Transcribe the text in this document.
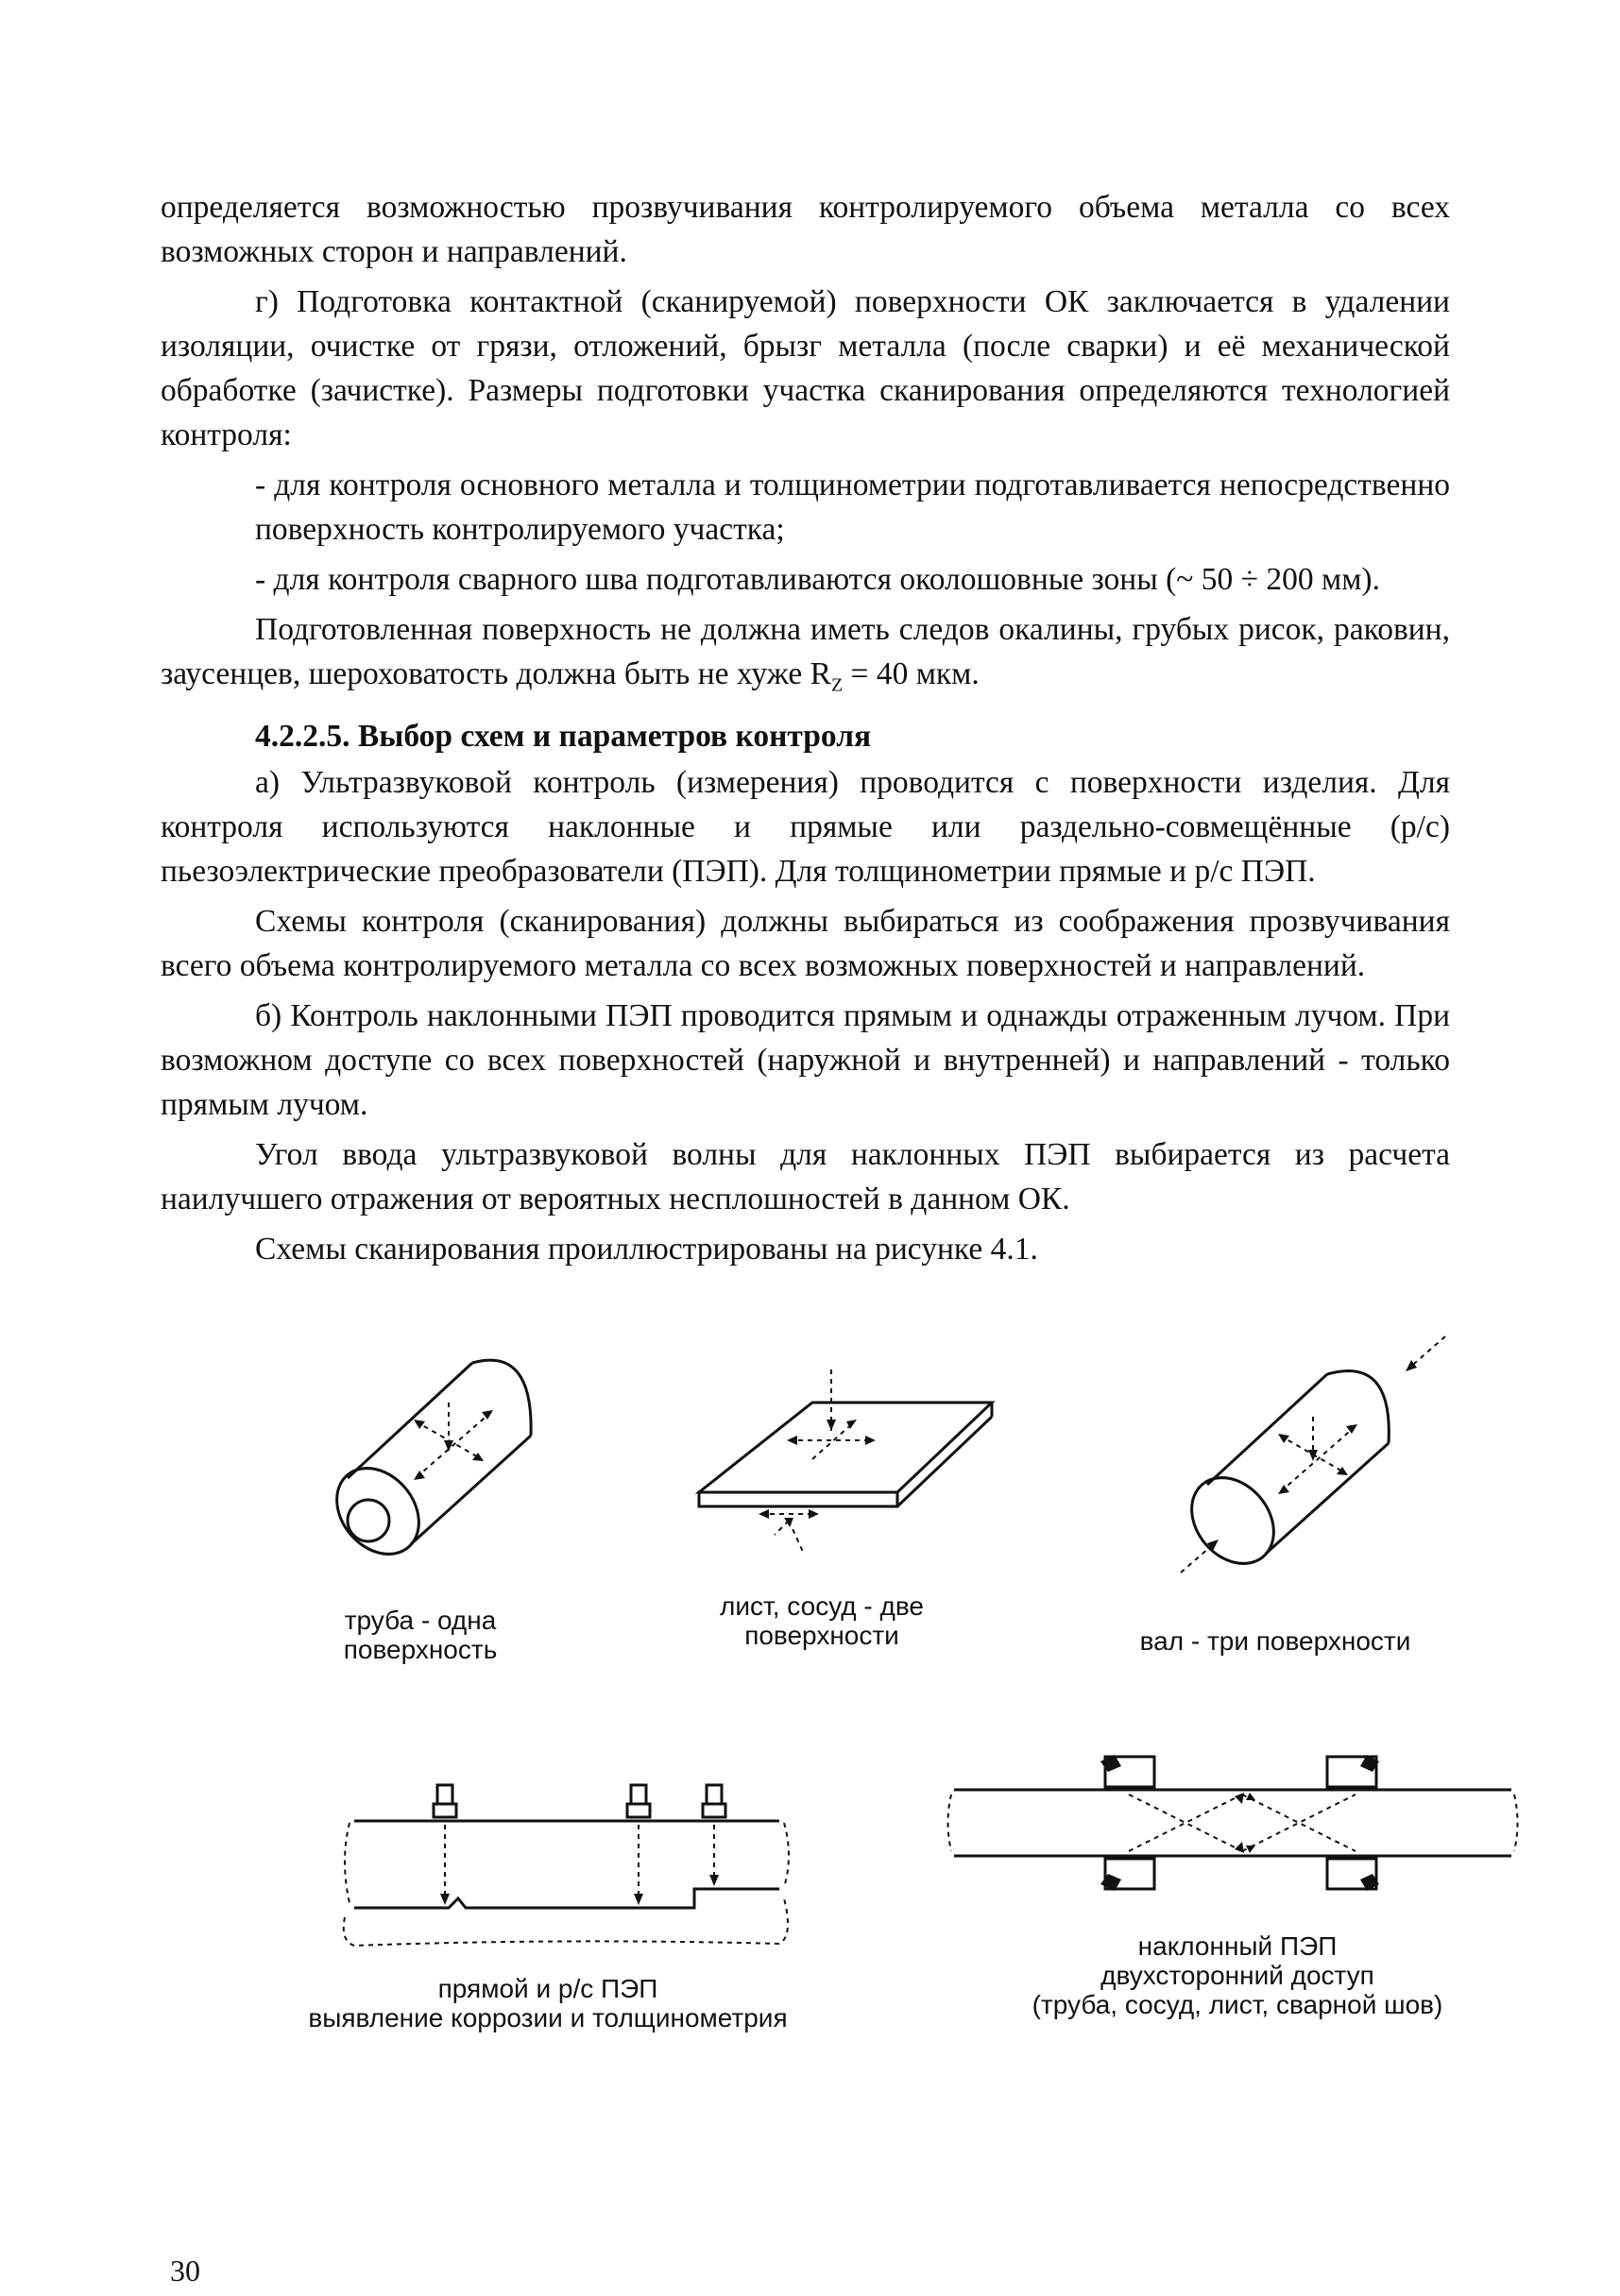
определяется возможностью прозвучивания контролируемого объема металла со всех возможных сторон и направлений.

г) Подготовка контактной (сканируемой) поверхности ОК заключается в удалении изоляции, очистке от грязи, отложений, брызг металла (после сварки) и её механической обработке (зачистке). Размеры подготовки участка сканирования определяются технологией контроля:

- для контроля основного металла и толщинометрии подготавливается непосредственно поверхность контролируемого участка;

- для контроля сварного шва подготавливаются околошовные зоны (~ 50 ÷ 200 мм).

Подготовленная поверхность не должна иметь следов окалины, грубых рисок, раковин, заусенцев, шероховатость должна быть не хуже $R_Z = 40$ мкм.

4.2.2.5. Выбор схем и параметров контроля

а) Ультразвуковой контроль (измерения) проводится с поверхности изделия. Для контроля используются наклонные и прямые или раздельно-совмещённые (р/с) пьезоэлектрические преобразователи (ПЭП). Для толщинометрии прямые и р/с ПЭП.

Схемы контроля (сканирования) должны выбираться из соображения прозвучивания всего объема контролируемого металла со всех возможных поверхностей и направлений.

б) Контроль наклонными ПЭП проводится прямым и однажды отраженным лучом. При возможном доступе со всех поверхностей (наружной и внутренней) и направлений - только прямым лучом.

Угол ввода ультразвуковой волны для наклонных ПЭП выбирается из расчета наилучшего отражения от вероятных несплошностей в данном ОК.

Схемы сканирования проиллюстрированы на рисунке 4.1.

труба - одна
поверхность
лист, сосуд - две
поверхности	вал - три поверхности
прямой и р/с ПЭП
выявление коррозии и толщинометрия
наклонный ПЭП
двухсторонний доступ
(труба, сосуд, лист, сварной шов)
30
